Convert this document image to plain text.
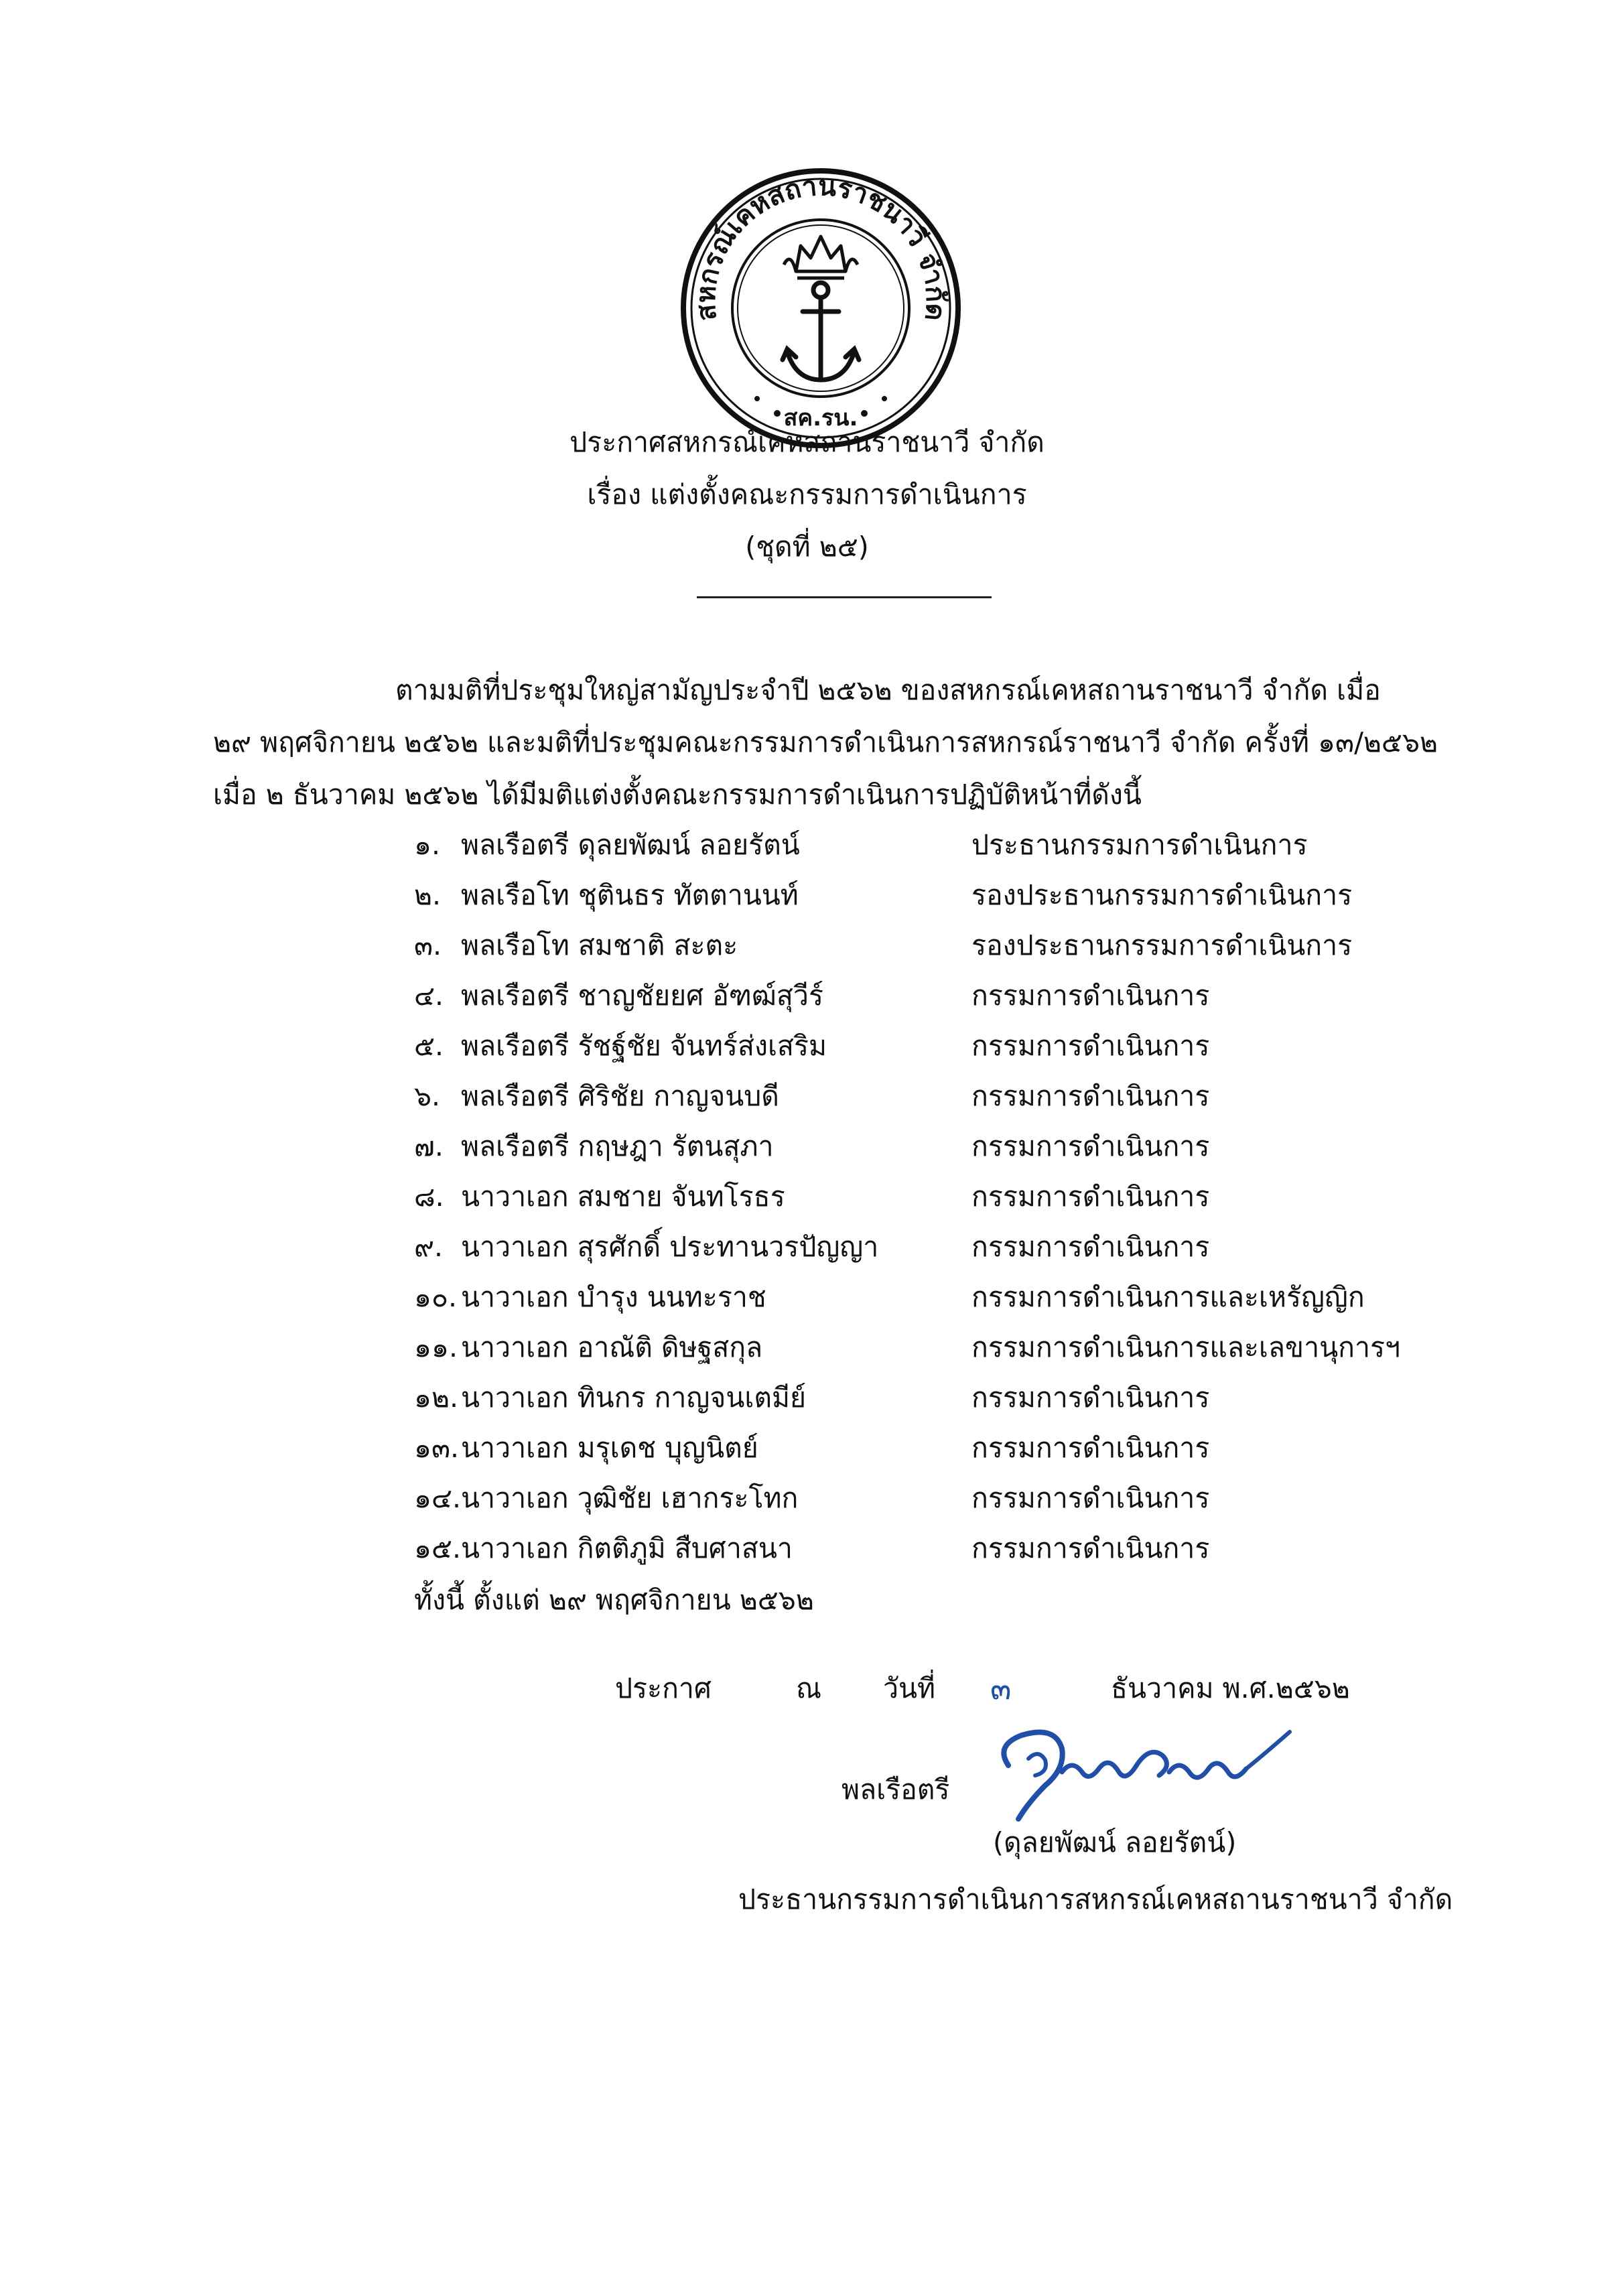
สหกรณ์เคหสถานราชนาวี จำกัด
สค.รน.
ประกาศสหกรณ์เคหสถานราชนาวี จำกัด
เรื่อง แต่งตั้งคณะกรรมการดำเนินการ
(ชุดที่ ๒๕)
ตามมติที่ประชุมใหญ่สามัญประจำปี ๒๕๖๒ ของสหกรณ์เคหสถานราชนาวี จำกัด เมื่อ
๒๙ พฤศจิกายน ๒๕๖๒ และมติที่ประชุมคณะกรรมการดำเนินการสหกรณ์ราชนาวี จำกัด ครั้งที่ ๑๓/๒๕๖๒
เมื่อ ๒ ธันวาคม ๒๕๖๒ ได้มีมติแต่งตั้งคณะกรรมการดำเนินการปฏิบัติหน้าที่ดังนี้
๑. พลเรือตรี ดุลยพัฒน์ ลอยรัตน์	ประธานกรรมการดำเนินการ
๒. พลเรือโท ชุตินธร ทัตตานนท์	รองประธานกรรมการดำเนินการ
๓. พลเรือโท สมชาติ สะตะ	รองประธานกรรมการดำเนินการ
๔. พลเรือตรี ชาญชัยยศ อัฑฒ์สุวีร์	กรรมการดำเนินการ
๕. พลเรือตรี รัชฐ์ชัย จันทร์ส่งเสริม	กรรมการดำเนินการ
๖. พลเรือตรี ศิริชัย กาญจนบดี	กรรมการดำเนินการ
๗. พลเรือตรี กฤษฎา รัตนสุภา	กรรมการดำเนินการ
๘. นาวาเอก สมชาย จันทโรธร	กรรมการดำเนินการ
๙. นาวาเอก สุรศักดิ์ ประทานวรปัญญา	กรรมการดำเนินการ
๑๐. นาวาเอก บำรุง นนทะราช	กรรมการดำเนินการและเหรัญญิก
๑๑. นาวาเอก อาณัติ ดิษฐสกุล	กรรมการดำเนินการและเลขานุการฯ
๑๒.นาวาเอก ทินกร กาญจนเตมีย์	กรรมการดำเนินการ
๑๓.นาวาเอก มรุเดช บุญนิตย์	กรรมการดำเนินการ
๑๔.นาวาเอก วุฒิชัย เฮากระโทก	กรรมการดำเนินการ
๑๕.นาวาเอก กิตติภูมิ สืบศาสนา	กรรมการดำเนินการ
ทั้งนี้ ตั้งแต่ ๒๙ พฤศจิกายน ๒๕๖๒
ประกาศ	ณ วันที่ ๓	ธันวาคม พ.ศ.๒๕๖๒
พลเรือตรี
(ดุลยพัฒน์ ลอยรัตน์)
ประธานกรรมการดำเนินการสหกรณ์เคหสถานราชนาวี จำกัด
